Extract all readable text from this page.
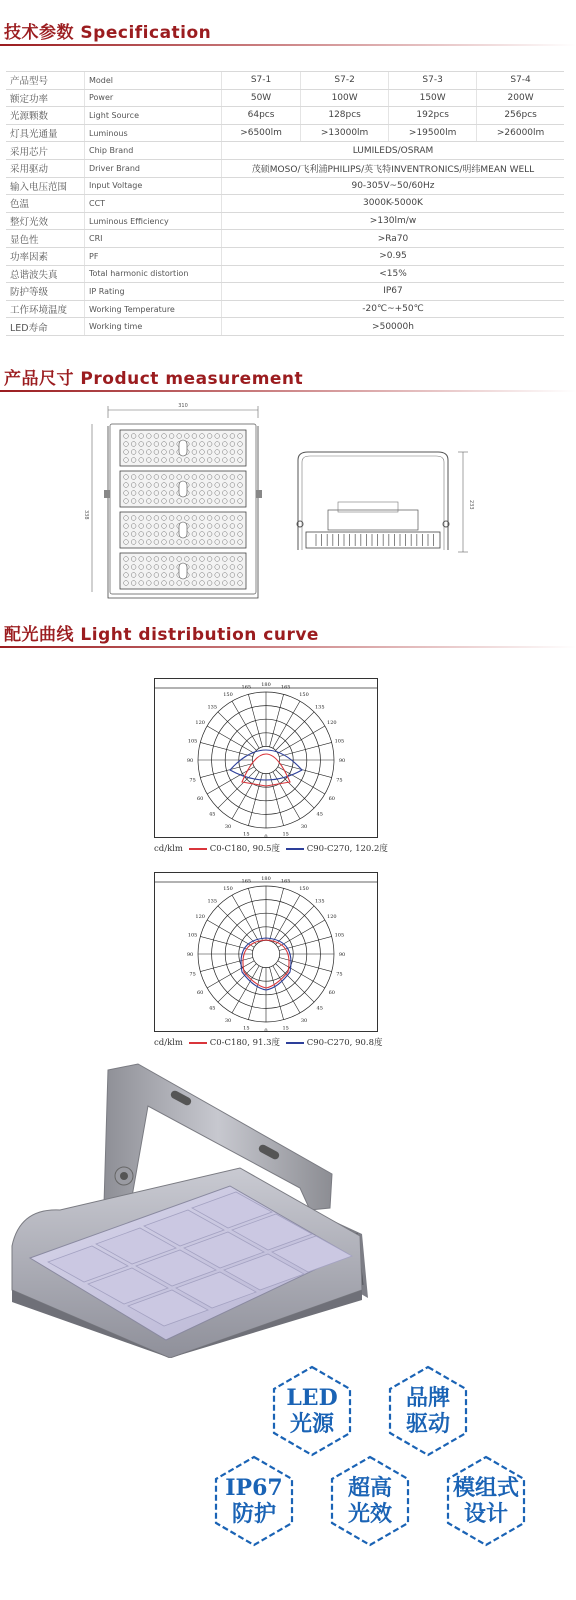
技术参数 Specification
产品型号	Model	S7-1	S7-2	S7-3	S7-4
额定功率	Power	50W	100W	150W	200W
光源颗数	Light Source	64pcs	128pcs	192pcs	256pcs
灯具光通量	Luminous	>6500lm	>13000lm	>19500lm	>26000lm
采用芯片	Chip Brand	LUMILEDS/OSRAM			
采用驱动	Driver Brand	茂硕MOSO/飞利浦PHILIPS/英飞特INVENTRONICS/明纬MEAN WELL			
输入电压范围	Input Voltage	90-305V~50/60Hz			
色温	CCT	3000K-5000K			
整灯光效	Luminous Efficiency	>130lm/w			
显色性	CRI	>Ra70			
功率因素	PF	>0.95			
总谐波失真	Total harmonic distortion	<15%			
防护等级	IP Rating	IP67			
工作环境温度	Working Temperature	-20℃~+50℃			
LED寿命	Working time	>50000h			
产品尺寸 Product measurement
310
338
233
配光曲线 Light distribution curve
180
165
150
135
120
105
90
75
60
45
30
15
165
150
135
120
105
90
75
60
45
30
15
0
cd/klm	C0-C180, 90.5度	C90-C270, 120.2度
180
165
150
135
120
105
90
75
60
45
30
15
165
150
135
120
105
90
75
60
45
30
15
0
cd/klm	C0-C180, 91.3度	C90-C270, 90.8度
LED
光源
品牌
驱动
IP67
防护
超高
光效
模组式
设计
